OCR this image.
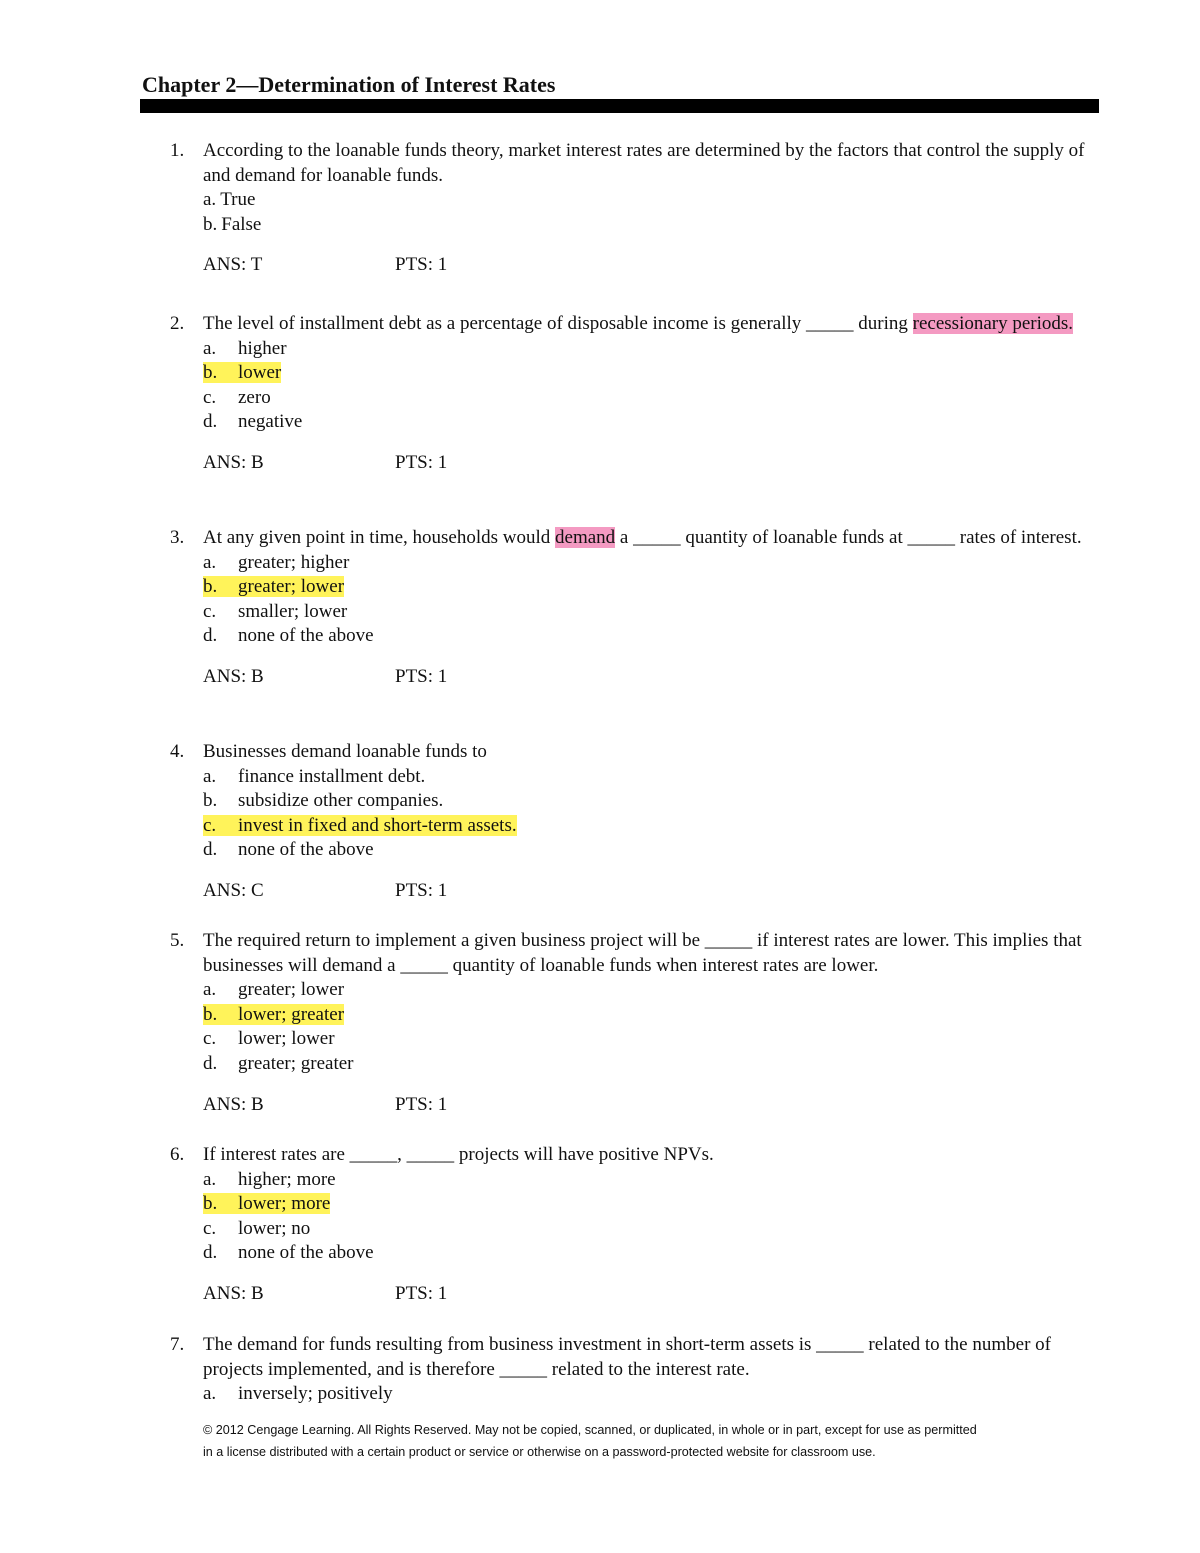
Chapter 2—Determination of Interest Rates
1. According to the loanable funds theory, market interest rates are determined by the factors that control the supply of and demand for loanable funds.
a. True
b. False
ANS: T	PTS: 1
2. The level of installment debt as a percentage of disposable income is generally _____ during recessionary periods.
a. higher
b. lower
c. zero
d. negative
ANS: B	PTS: 1
3. At any given point in time, households would demand a _____ quantity of loanable funds at _____ rates of interest.
a. greater; higher
b. greater; lower
c. smaller; lower
d. none of the above
ANS: B	PTS: 1
4. Businesses demand loanable funds to
a. finance installment debt.
b. subsidize other companies.
c. invest in fixed and short-term assets.
d. none of the above
ANS: C	PTS: 1
5. The required return to implement a given business project will be _____ if interest rates are lower. This implies that businesses will demand a _____ quantity of loanable funds when interest rates are lower.
a. greater; lower
b. lower; greater
c. lower; lower
d. greater; greater
ANS: B	PTS: 1
6. If interest rates are _____, _____ projects will have positive NPVs.
a. higher; more
b. lower; more
c. lower; no
d. none of the above
ANS: B	PTS: 1
7. The demand for funds resulting from business investment in short-term assets is _____ related to the number of projects implemented, and is therefore _____ related to the interest rate.
a. inversely; positively
© 2012 Cengage Learning. All Rights Reserved. May not be copied, scanned, or duplicated, in whole or in part, except for use as permitted
in a license distributed with a certain product or service or otherwise on a password-protected website for classroom use.
